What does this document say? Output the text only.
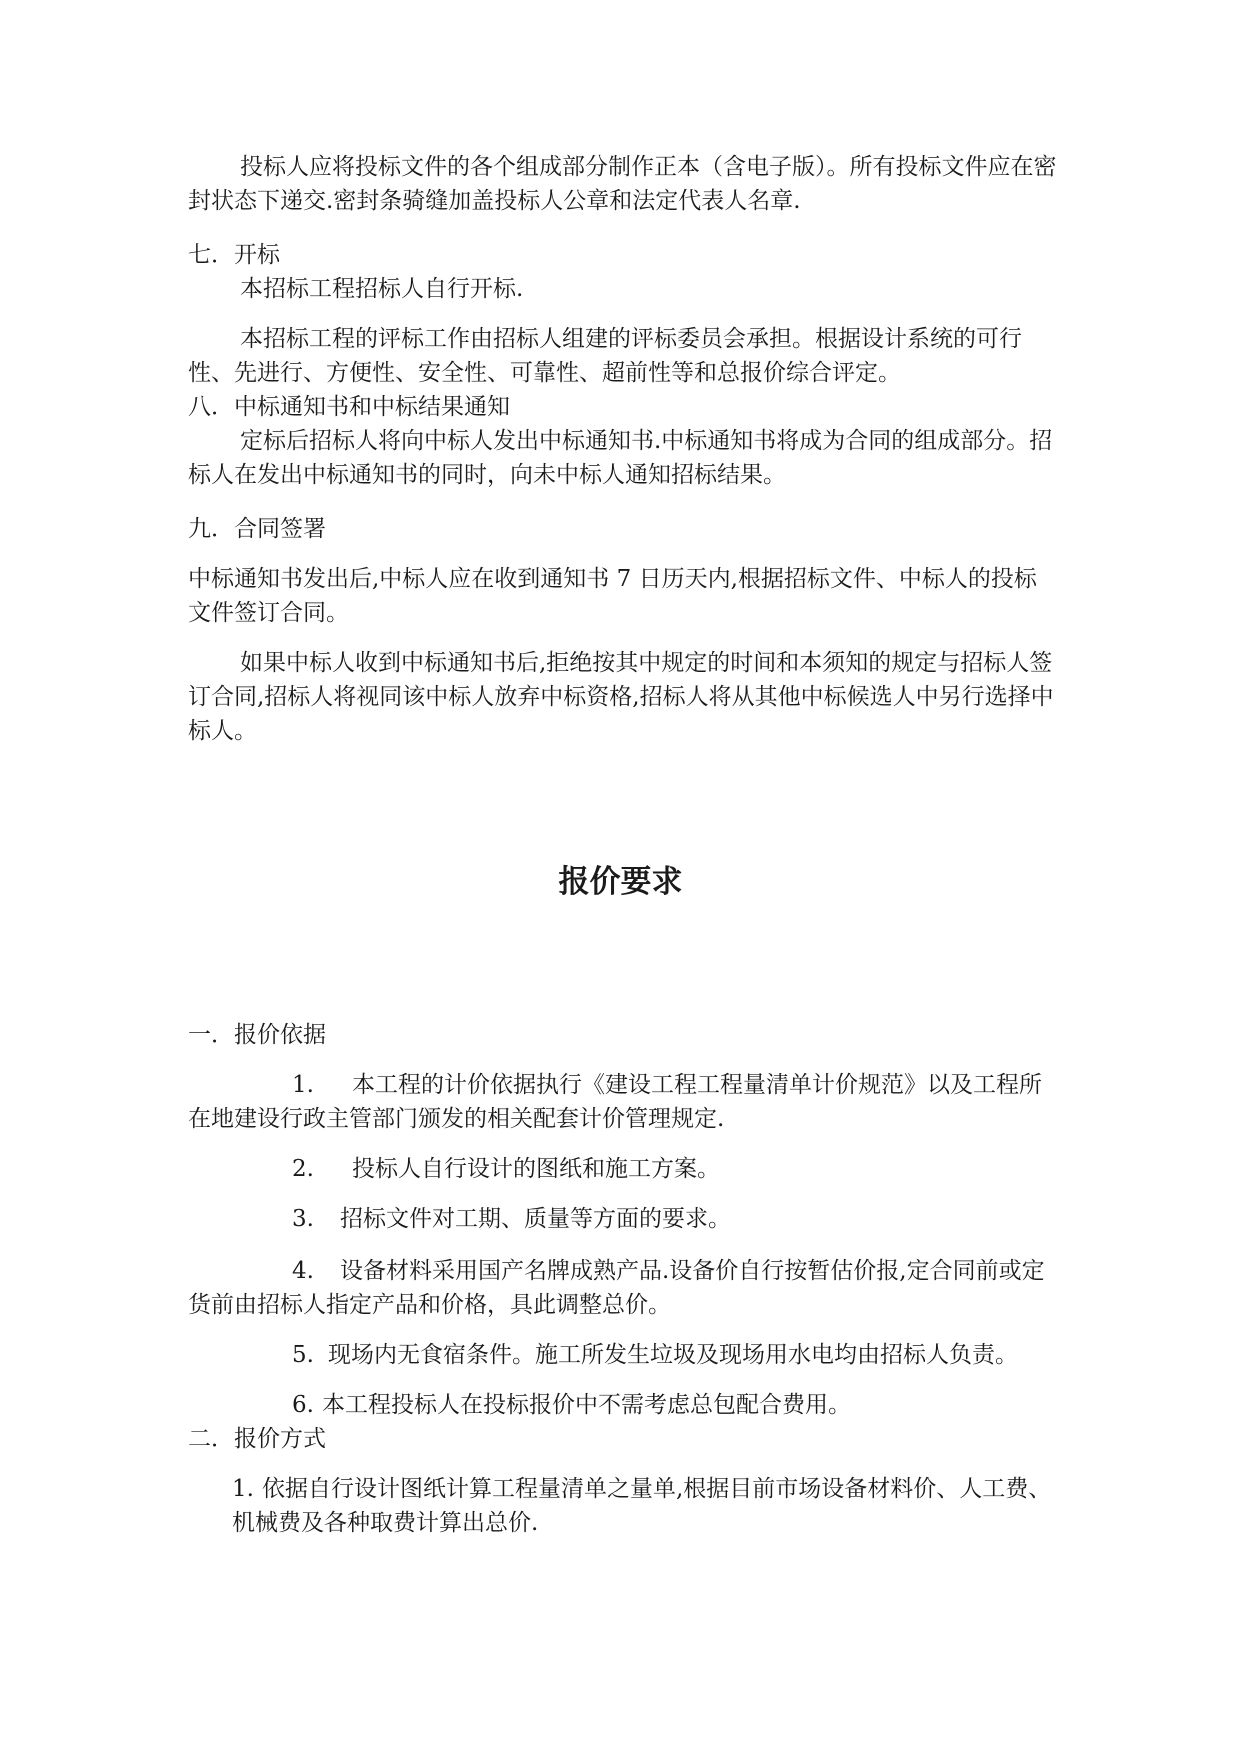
投标人应将投标文件的各个组成部分制作正本（含电子版）。所有投标文件应在密封状态下递交.密封条骑缝加盖投标人公章和法定代表人名章.

七．开标

本招标工程招标人自行开标.

本招标工程的评标工作由招标人组建的评标委员会承担。根据设计系统的可行性、先进行、方便性、安全性、可靠性、超前性等和总报价综合评定。

八．中标通知书和中标结果通知

定标后招标人将向中标人发出中标通知书.中标通知书将成为合同的组成部分。招标人在发出中标通知书的同时，向未中标人通知招标结果。

九．合同签署

中标通知书发出后,中标人应在收到通知书 7 日历天内,根据招标文件、中标人的投标文件签订合同。

如果中标人收到中标通知书后,拒绝按其中规定的时间和本须知的规定与招标人签订合同,招标人将视同该中标人放弃中标资格,招标人将从其他中标候选人中另行选择中标人。

报价要求

一．报价依据

1. 本工程的计价依据执行《建设工程工程量清单计价规范》以及工程所在地建设行政主管部门颁发的相关配套计价管理规定.

2. 投标人自行设计的图纸和施工方案。

3. 招标文件对工期、质量等方面的要求。

4. 设备材料采用国产名牌成熟产品.设备价自行按暂估价报,定合同前或定货前由招标人指定产品和价格，具此调整总价。

5. 现场内无食宿条件。施工所发生垃圾及现场用水电均由招标人负责。

6. 本工程投标人在投标报价中不需考虑总包配合费用。

二．报价方式

1. 依据自行设计图纸计算工程量清单之量单,根据目前市场设备材料价、人工费、机械费及各种取费计算出总价.
